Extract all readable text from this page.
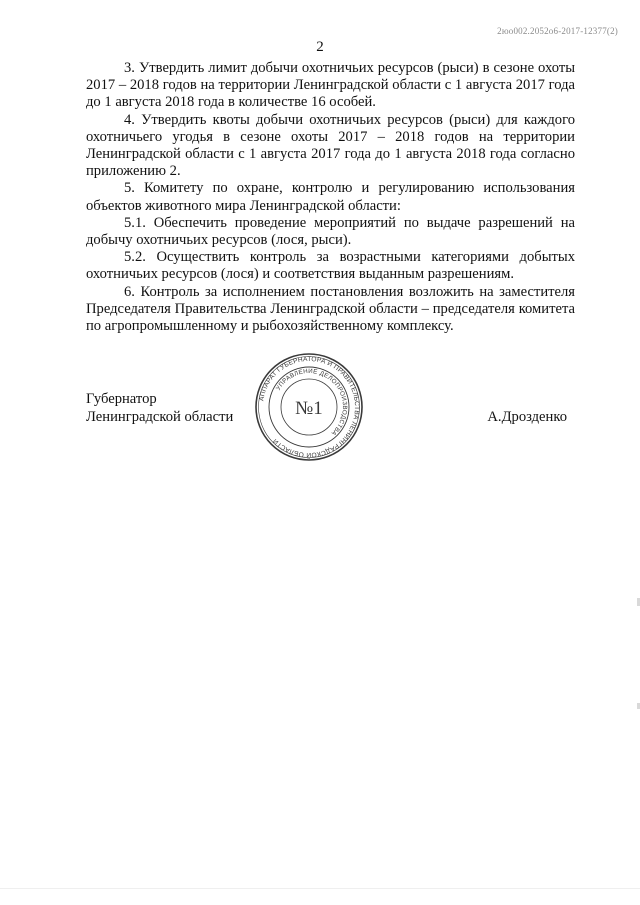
2юо002.2052о6-2017-12377(2)
2

3. Утвердить лимит добычи охотничьих ресурсов (рыси) в сезоне охоты 2017 – 2018 годов на территории Ленинградской области с 1 августа 2017 года до 1 августа 2018 года в количестве 16 особей.

4. Утвердить квоты добычи охотничьих ресурсов (рыси) для каждого охотничьего угодья в сезоне охоты 2017 – 2018 годов на территории Ленинградской области с 1 августа 2017 года до 1 августа 2018 года согласно приложению 2.

5. Комитету по охране, контролю и регулированию использования объектов животного мира Ленинградской области:

5.1. Обеспечить проведение мероприятий по выдаче разрешений на добычу охотничьих ресурсов (лося, рыси).

5.2. Осуществить контроль за возрастными категориями добытых охотничьих ресурсов (лося) и соответствия выданным разрешениям.

6. Контроль за исполнением постановления возложить на заместителя Председателя Правительства Ленинградской области – председателя комитета по агропромышленному и рыбохозяйственному комплексу.

Губернатор
Ленинградской области	А.Дрозденко
АППАРАТ ГУБЕРНАТОРА И ПРАВИТЕЛЬСТВА ЛЕНИНГРАДСКОЙ ОБЛАСТИ
УПРАВЛЕНИЕ ДЕЛОПРОИЗВОДСТВА
№1
